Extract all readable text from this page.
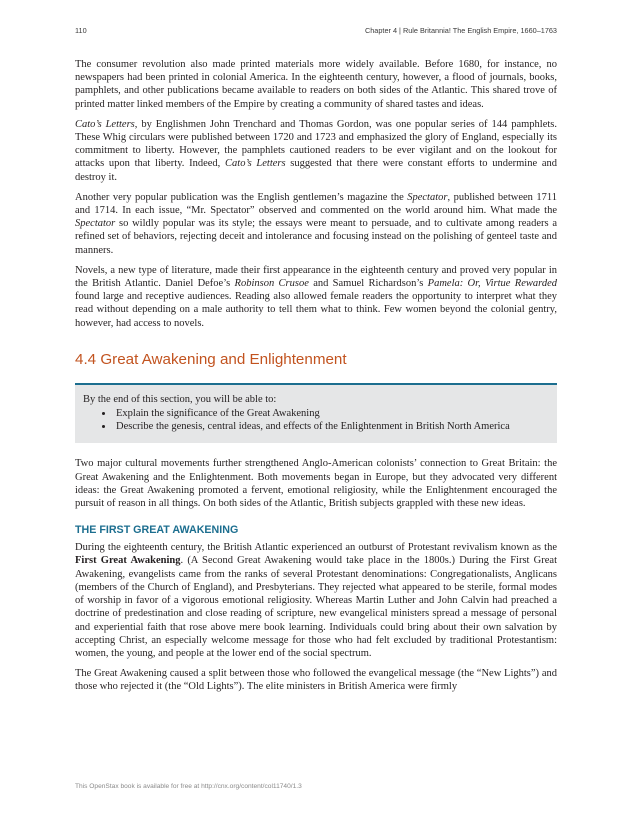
110	Chapter 4 | Rule Britannia! The English Empire, 1660–1763

The consumer revolution also made printed materials more widely available. Before 1680, for instance, no newspapers had been printed in colonial America. In the eighteenth century, however, a flood of journals, books, pamphlets, and other publications became available to readers on both sides of the Atlantic. This shared trove of printed matter linked members of the Empire by creating a community of shared tastes and ideas.

Cato’s Letters, by Englishmen John Trenchard and Thomas Gordon, was one popular series of 144 pamphlets. These Whig circulars were published between 1720 and 1723 and emphasized the glory of England, especially its commitment to liberty. However, the pamphlets cautioned readers to be ever vigilant and on the lookout for attacks upon that liberty. Indeed, Cato’s Letters suggested that there were constant efforts to undermine and destroy it.

Another very popular publication was the English gentlemen’s magazine the Spectator, published between 1711 and 1714. In each issue, “Mr. Spectator” observed and commented on the world around him. What made the Spectator so wildly popular was its style; the essays were meant to persuade, and to cultivate among readers a refined set of behaviors, rejecting deceit and intolerance and focusing instead on the polishing of genteel taste and manners.

Novels, a new type of literature, made their first appearance in the eighteenth century and proved very popular in the British Atlantic. Daniel Defoe’s Robinson Crusoe and Samuel Richardson’s Pamela: Or, Virtue Rewarded found large and receptive audiences. Reading also allowed female readers the opportunity to interpret what they read without depending on a male authority to tell them what to think. Few women beyond the colonial gentry, however, had access to novels.

4.4 Great Awakening and Enlightenment
By the end of this section, you will be able to:
• Explain the significance of the Great Awakening
• Describe the genesis, central ideas, and effects of the Enlightenment in British North America

Two major cultural movements further strengthened Anglo-American colonists’ connection to Great Britain: the Great Awakening and the Enlightenment. Both movements began in Europe, but they advocated very different ideas: the Great Awakening promoted a fervent, emotional religiosity, while the Enlightenment encouraged the pursuit of reason in all things. On both sides of the Atlantic, British subjects grappled with these new ideas.

THE FIRST GREAT AWAKENING

During the eighteenth century, the British Atlantic experienced an outburst of Protestant revivalism known as the First Great Awakening. (A Second Great Awakening would take place in the 1800s.) During the First Great Awakening, evangelists came from the ranks of several Protestant denominations: Congregationalists, Anglicans (members of the Church of England), and Presbyterians. They rejected what appeared to be sterile, formal modes of worship in favor of a vigorous emotional religiosity. Whereas Martin Luther and John Calvin had preached a doctrine of predestination and close reading of scripture, new evangelical ministers spread a message of personal and experiential faith that rose above mere book learning. Individuals could bring about their own salvation by accepting Christ, an especially welcome message for those who had felt excluded by traditional Protestantism: women, the young, and people at the lower end of the social spectrum.

The Great Awakening caused a split between those who followed the evangelical message (the “New Lights”) and those who rejected it (the “Old Lights”). The elite ministers in British America were firmly

This OpenStax book is available for free at http://cnx.org/content/col11740/1.3
